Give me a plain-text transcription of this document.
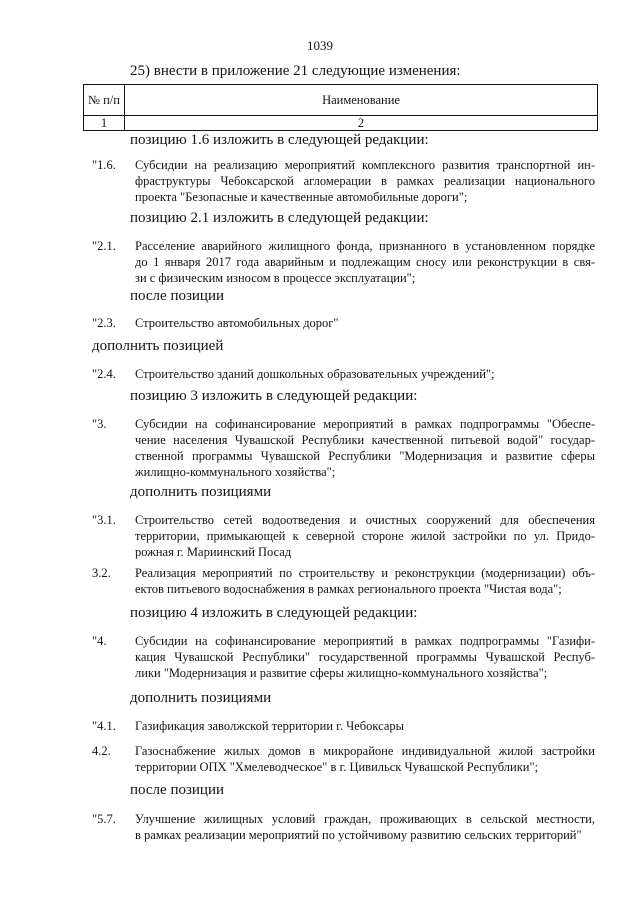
1039
25) внести в приложение 21 следующие изменения:
№ п/п	Наименование
1	2
позицию 1.6 изложить в следующей редакции:
"1.6.	Субсидии на реализацию мероприятий комплексного развития транспортной ин-
фраструктуры Чебоксарской агломерации в рамках реализации национального
проекта "Безопасные и качественные автомобильные дороги";
позицию 2.1 изложить в следующей редакции:
"2.1.	Расселение аварийного жилищного фонда, признанного в установленном порядке
до 1 января 2017 года аварийным и подлежащим сносу или реконструкции в свя-
зи с физическим износом в процессе эксплуатации";
после позиции
"2.3.	Строительство автомобильных дорог"
дополнить позицией
"2.4.	Строительство зданий дошкольных образовательных учреждений";
позицию 3 изложить в следующей редакции:
"3.	Субсидии на софинансирование мероприятий в рамках подпрограммы "Обеспе-
чение населения Чувашской Республики качественной питьевой водой" государ-
ственной программы Чувашской Республики "Модернизация и развитие сферы
жилищно-коммунального хозяйства";
дополнить позициями
"3.1.	Строительство сетей водоотведения и очистных сооружений для обеспечения
территории, примыкающей к северной стороне жилой застройки по ул. Придо-
рожная г. Мариинский Посад
3.2.	Реализация мероприятий по строительству и реконструкции (модернизации) объ-
ектов питьевого водоснабжения в рамках регионального проекта "Чистая вода";
позицию 4 изложить в следующей редакции:
"4.	Субсидии на софинансирование мероприятий в рамках подпрограммы "Газифи-
кация Чувашской Республики" государственной программы Чувашской Респуб-
лики "Модернизация и развитие сферы жилищно-коммунального хозяйства";
дополнить позициями
"4.1.	Газификация заволжской территории г. Чебоксары
4.2.	Газоснабжение жилых домов в микрорайоне индивидуальной жилой застройки
территории ОПХ "Хмелеводческое" в г. Цивильск Чувашской Республики";
после позиции
"5.7.	Улучшение жилищных условий граждан, проживающих в сельской местности,
в рамках реализации мероприятий по устойчивому развитию сельских территорий"
